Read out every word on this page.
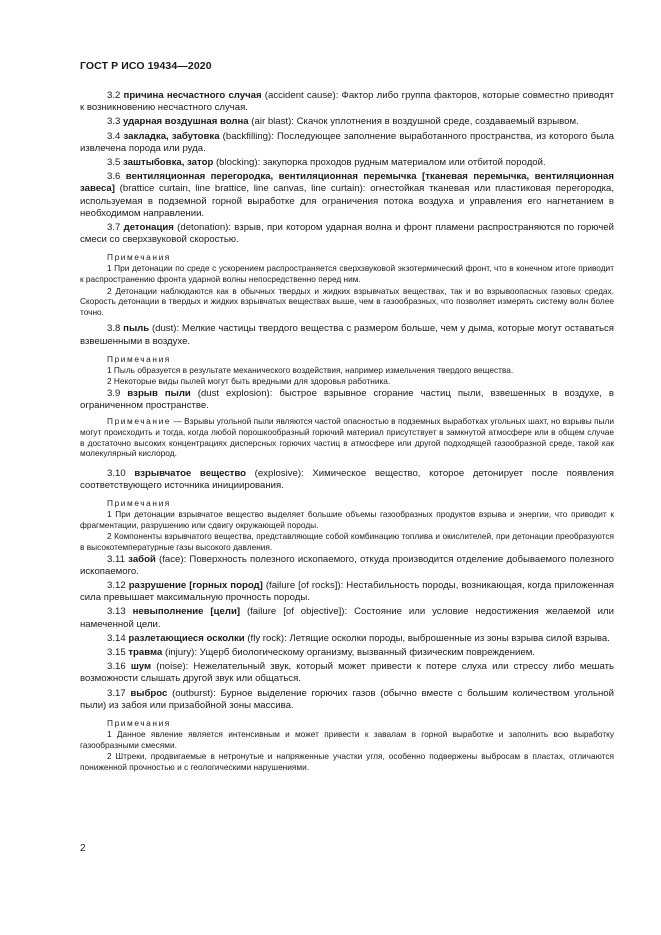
ГОСТ Р ИСО 19434—2020

3.2 причина несчастного случая (accident cause): Фактор либо группа факторов, которые совместно приводят к возникновению несчастного случая.

3.3 ударная воздушная волна (air blast): Скачок уплотнения в воздушной среде, создаваемый взрывом.

3.4 закладка, забутовка (backfilling): Последующее заполнение выработанного пространства, из которого была извлечена порода или руда.

3.5 заштыбовка, затор (blocking): закупорка проходов рудным материалом или отбитой породой.

3.6 вентиляционная перегородка, вентиляционная перемычка [тканевая перемычка, вентиляционная завеса] (brattice curtain, line brattice, line canvas, line curtain): огнестойкая тканевая или пластиковая перегородка, используемая в подземной горной выработке для ограничения потока воздуха и управления его нагнетанием в необходимом направлении.

3.7 детонация (detonation): взрыв, при котором ударная волна и фронт пламени распространяются по горючей смеси со сверхзвуковой скоростью.

Примечания

1 При детонации по среде с ускорением распространяется сверхзвуковой экзотермический фронт, что в конечном итоге приводит к распространению фронта ударной волны непосредственно перед ним.

2 Детонации наблюдаются как в обычных твердых и жидких взрывчатых веществах, так и во взрывоопасных газовых средах. Скорость детонации в твердых и жидких взрывчатых веществах выше, чем в газообразных, что позволяет измерять систему волн более точно.

3.8 пыль (dust): Мелкие частицы твердого вещества с размером больше, чем у дыма, которые могут оставаться взвешенными в воздухе.

Примечания

1 Пыль образуется в результате механического воздействия, например измельчения твердого вещества.

2 Некоторые виды пылей могут быть вредными для здоровья работника.

3.9 взрыв пыли (dust explosion): быстрое взрывное сгорание частиц пыли, взвешенных в воздухе, в ограниченном пространстве.

Примечание — Взрывы угольной пыли являются частой опасностью в подземных выработках угольных шахт, но взрывы пыли могут происходить и тогда, когда любой порошкообразный горючий материал присутствует в замкнутой атмосфере или в общем случае в достаточно высоких концентрациях дисперсных горючих частиц в атмосфере или другой подходящей газообразной среде, такой как молекулярный кислород.

3.10 взрывчатое вещество (explosive): Химическое вещество, которое детонирует после появления соответствующего источника инициирования.

Примечания

1 При детонации взрывчатое вещество выделяет большие объемы газообразных продуктов взрыва и энергии, что приводит к фрагментации, разрушению или сдвигу окружающей породы.

2 Компоненты взрывчатого вещества, представляющие собой комбинацию топлива и окислителей, при детонации преобразуются в высокотемпературные газы высокого давления.

3.11 забой (face): Поверхность полезного ископаемого, откуда производится отделение добываемого полезного ископаемого.

3.12 разрушение [горных пород] (failure [of rocks]): Нестабильность породы, возникающая, когда приложенная сила превышает максимальную прочность породы.

3.13 невыполнение [цели] (failure [of objective]): Состояние или условие недостижения желаемой или намеченной цели.

3.14 разлетающиеся осколки (fly rock): Летящие осколки породы, выброшенные из зоны взрыва силой взрыва.

3.15 травма (injury): Ущерб биологическому организму, вызванный физическим повреждением.

3.16 шум (noise): Нежелательный звук, который может привести к потере слуха или стрессу либо мешать возможности слышать другой звук или общаться.

3.17 выброс (outburst): Бурное выделение горючих газов (обычно вместе с большим количеством угольной пыли) из забоя или призабойной зоны массива.

Примечания

1 Данное явление является интенсивным и может привести к завалам в горной выработке и заполнить всю выработку газообразными смесями.

2 Штреки, продвигаемые в нетронутые и напряженные участки угля, особенно подвержены выбросам в пластах, отличаются пониженной прочностью и с геологическими нарушениями.

2
